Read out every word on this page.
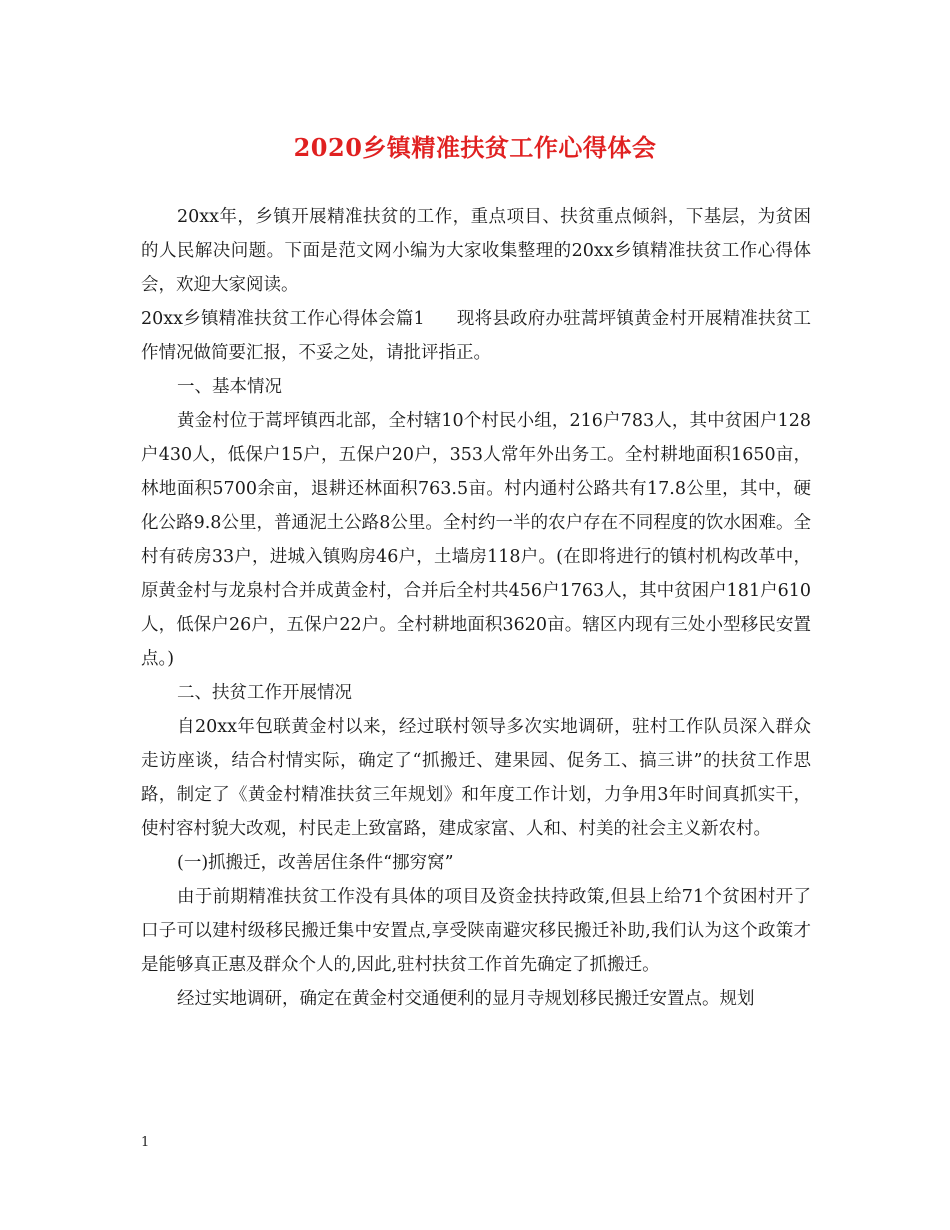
2020乡镇精准扶贫工作心得体会

20xx年，乡镇开展精准扶贫的工作，重点项目、扶贫重点倾斜，下基层，为贫困的人民解决问题。下面是范文网小编为大家收集整理的20xx乡镇精准扶贫工作心得体会，欢迎大家阅读。

20xx乡镇精准扶贫工作心得体会篇1 现将县政府办驻蒿坪镇黄金村开展精准扶贫工作情况做简要汇报，不妥之处，请批评指正。

一、基本情况

黄金村位于蒿坪镇西北部，全村辖10个村民小组，216户783人，其中贫困户128户430人，低保户15户，五保户20户，353人常年外出务工。全村耕地面积1650亩，林地面积5700余亩，退耕还林面积763.5亩。村内通村公路共有17.8公里，其中，硬化公路9.8公里，普通泥土公路8公里。全村约一半的农户存在不同程度的饮水困难。全村有砖房33户，进城入镇购房46户，土墙房118户。(在即将进行的镇村机构改革中，原黄金村与龙泉村合并成黄金村，合并后全村共456户1763人，其中贫困户181户610人，低保户26户，五保户22户。全村耕地面积3620亩。辖区内现有三处小型移民安置点。)

二、扶贫工作开展情况

自20xx年包联黄金村以来，经过联村领导多次实地调研，驻村工作队员深入群众走访座谈，结合村情实际，确定了“抓搬迁、建果园、促务工、搞三讲”的扶贫工作思路，制定了《黄金村精准扶贫三年规划》和年度工作计划，力争用3年时间真抓实干，使村容村貌大改观，村民走上致富路，建成家富、人和、村美的社会主义新农村。

(一)抓搬迁，改善居住条件“挪穷窝”

由于前期精准扶贫工作没有具体的项目及资金扶持政策,但县上给71个贫困村开了口子可以建村级移民搬迁集中安置点,享受陕南避灾移民搬迁补助,我们认为这个政策才是能够真正惠及群众个人的,因此,驻村扶贫工作首先确定了抓搬迁。

经过实地调研，确定在黄金村交通便利的显月寺规划移民搬迁安置点。规划

1
